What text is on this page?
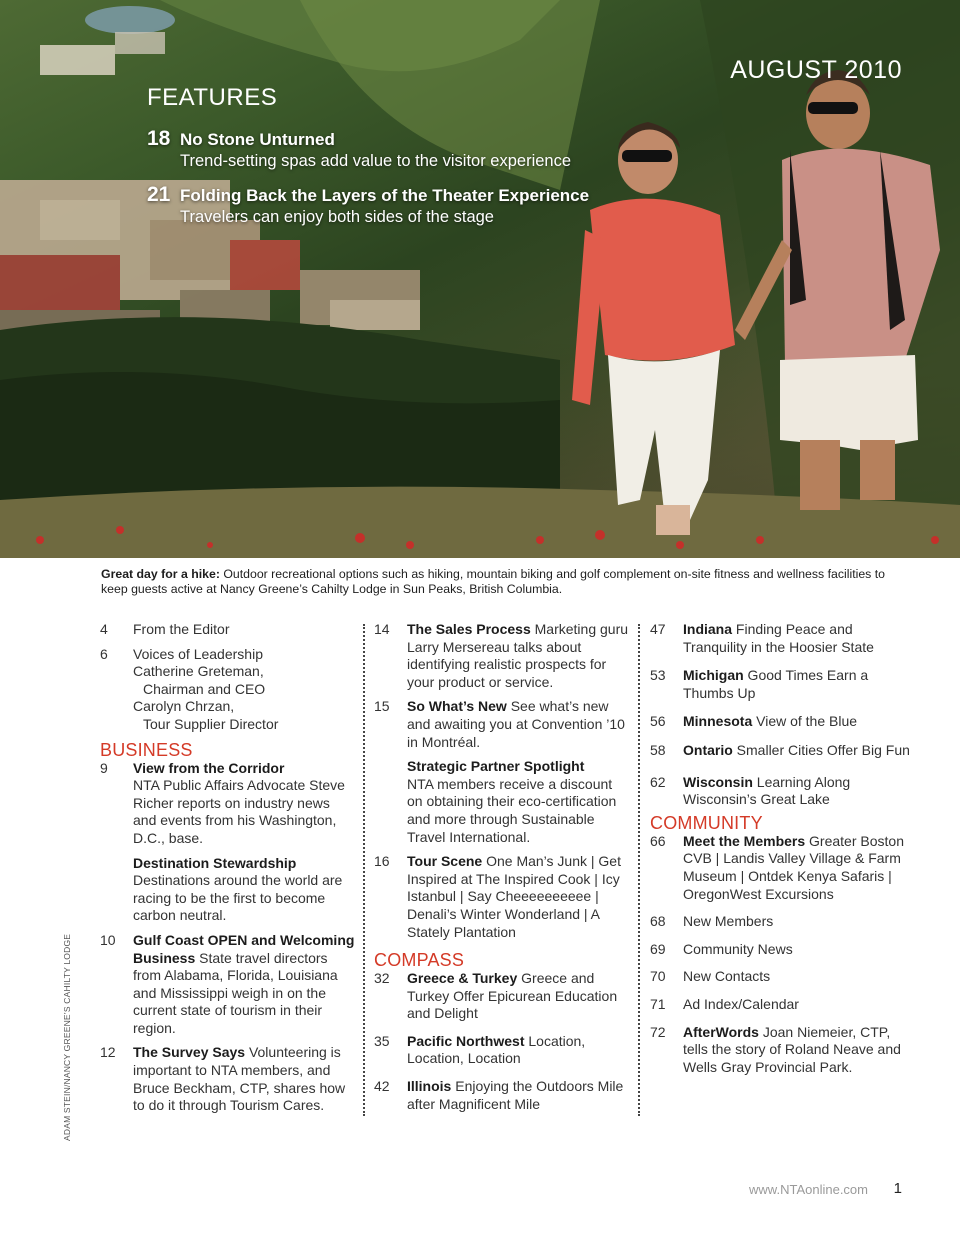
AUGUST 2010
FEATURES
18 No Stone Unturned
Trend-setting spas add value to the visitor experience
21 Folding Back the Layers of the Theater Experience
Travelers can enjoy both sides of the stage
Great day for a hike: Outdoor recreational options such as hiking, mountain biking and golf complement on-site fitness and wellness facilities to keep guests active at Nancy Greene’s Cahilty Lodge in Sun Peaks, British Columbia.
4	From the Editor
6	Voices of Leadership
Catherine Greteman,
Chairman and CEO
Carolyn Chrzan,
Tour Supplier Director
BUSINESS
9	View from the Corridor
NTA Public Affairs Advocate Steve Richer reports on industry news and events from his Washington, D.C., base.
Destination Stewardship
Destinations around the world are racing to be the first to become carbon neutral.
10	Gulf Coast OPEN and Welcoming Business State travel directors from Alabama, Florida, Louisiana and Mississippi weigh in on the current state of tourism in their region.
12	The Survey Says Volunteering is important to NTA members, and Bruce Beckham, CTP, shares how to do it through Tourism Cares.
14	The Sales Process Marketing guru Larry Mersereau talks about identifying realistic prospects for your product or service.
15	So What’s New See what’s new and awaiting you at Convention ’10 in Montréal.
Strategic Partner Spotlight
NTA members receive a discount on obtaining their eco-certification and more through Sustainable Travel International.
16	Tour Scene One Man’s Junk | Get Inspired at The Inspired Cook | Icy Istanbul | Say Cheeeeeeeeee | Denali’s Winter Wonderland | A Stately Plantation
COMPASS
32	Greece & Turkey Greece and Turkey Offer Epicurean Education and Delight
35	Pacific Northwest Location, Location, Location
42	Illinois Enjoying the Outdoors Mile after Magnificent Mile
47	Indiana Finding Peace and Tranquility in the Hoosier State
53	Michigan Good Times Earn a Thumbs Up
56	Minnesota View of the Blue
58	Ontario Smaller Cities Offer Big Fun
62	Wisconsin Learning Along Wisconsin’s Great Lake
COMMUNITY
66	Meet the Members Greater Boston CVB | Landis Valley Village & Farm Museum | Ontdek Kenya Safaris | OregonWest Excursions
68	New Members
69	Community News
70	New Contacts
71	Ad Index/Calendar
72	AfterWords Joan Niemeier, CTP, tells the story of Roland Neave and Wells Gray Provincial Park.
ADAM STEIN/NANCY GREENE’S CAHILTY LODGE
www.NTAonline.com 1
